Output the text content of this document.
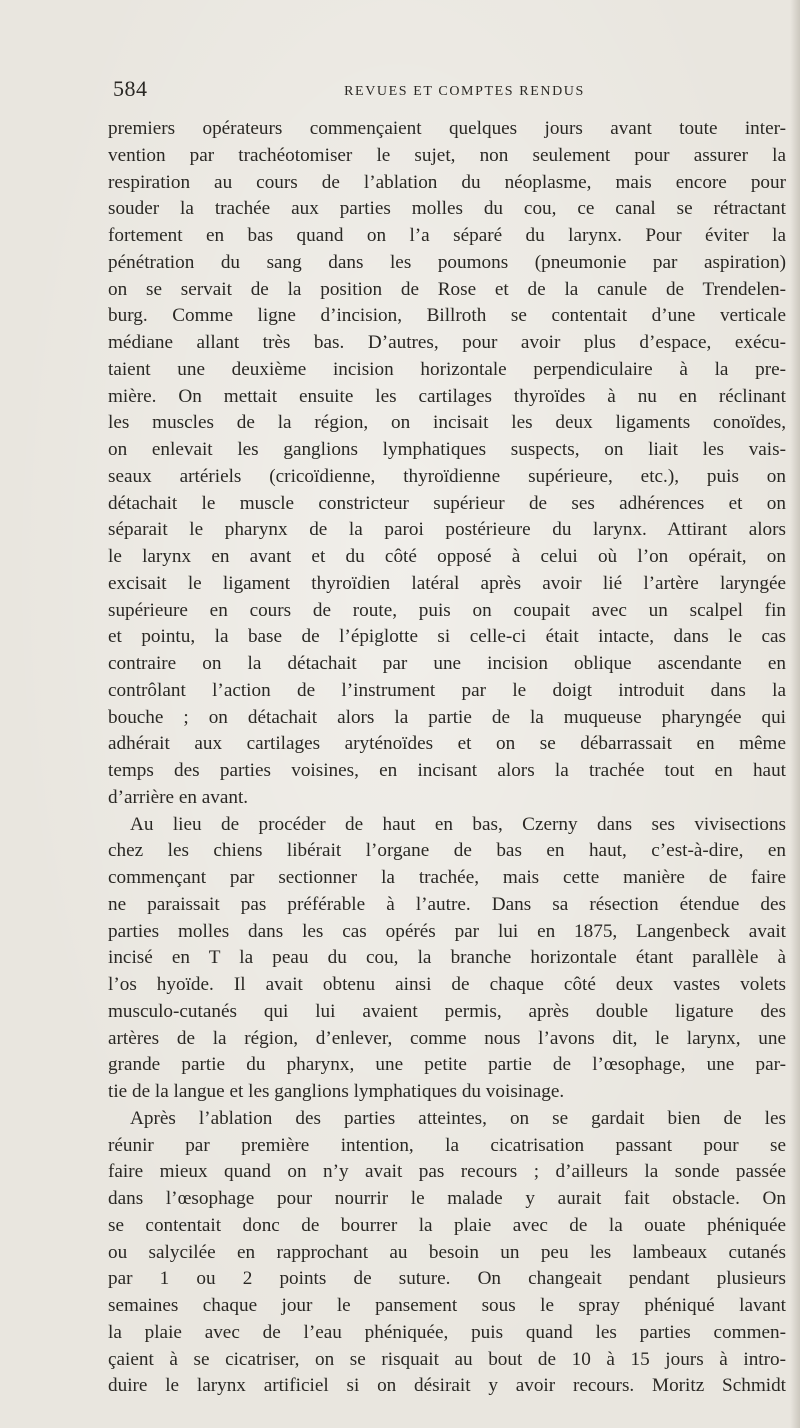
584	REVUES ET COMPTES RENDUS
premiers opérateurs commençaient quelques jours avant toute inter-
vention par trachéotomiser le sujet, non seulement pour assurer la
respiration au cours de l’ablation du néoplasme, mais encore pour
souder la trachée aux parties molles du cou, ce canal se rétractant
fortement en bas quand on l’a séparé du larynx. Pour éviter la
pénétration du sang dans les poumons (pneumonie par aspiration)
on se servait de la position de Rose et de la canule de Trendelen-
burg. Comme ligne d’incision, Billroth se contentait d’une verticale
médiane allant très bas. D’autres, pour avoir plus d’espace, exécu-
taient une deuxième incision horizontale perpendiculaire à la pre-
mière. On mettait ensuite les cartilages thyroïdes à nu en réclinant
les muscles de la région, on incisait les deux ligaments conoïdes,
on enlevait les ganglions lymphatiques suspects, on liait les vais-
seaux artériels (cricoïdienne, thyroïdienne supérieure, etc.), puis on
détachait le muscle constricteur supérieur de ses adhérences et on
séparait le pharynx de la paroi postérieure du larynx. Attirant alors
le larynx en avant et du côté opposé à celui où l’on opérait, on
excisait le ligament thyroïdien latéral après avoir lié l’artère laryngée
supérieure en cours de route, puis on coupait avec un scalpel fin
et pointu, la base de l’épiglotte si celle-ci était intacte, dans le cas
contraire on la détachait par une incision oblique ascendante en
contrôlant l’action de l’instrument par le doigt introduit dans la
bouche ; on détachait alors la partie de la muqueuse pharyngée qui
adhérait aux cartilages aryténoïdes et on se débarrassait en même
temps des parties voisines, en incisant alors la trachée tout en haut
d’arrière en avant.
Au lieu de procéder de haut en bas, Czerny dans ses vivisections
chez les chiens libérait l’organe de bas en haut, c’est-à-dire, en
commençant par sectionner la trachée, mais cette manière de faire
ne paraissait pas préférable à l’autre. Dans sa résection étendue des
parties molles dans les cas opérés par lui en 1875, Langenbeck avait
incisé en T la peau du cou, la branche horizontale étant parallèle à
l’os hyoïde. Il avait obtenu ainsi de chaque côté deux vastes volets
musculo-cutanés qui lui avaient permis, après double ligature des
artères de la région, d’enlever, comme nous l’avons dit, le larynx, une
grande partie du pharynx, une petite partie de l’œsophage, une par-
tie de la langue et les ganglions lymphatiques du voisinage.
Après l’ablation des parties atteintes, on se gardait bien de les
réunir par première intention, la cicatrisation passant pour se
faire mieux quand on n’y avait pas recours ; d’ailleurs la sonde passée
dans l’œsophage pour nourrir le malade y aurait fait obstacle. On
se contentait donc de bourrer la plaie avec de la ouate phéniquée
ou salycilée en rapprochant au besoin un peu les lambeaux cutanés
par 1 ou 2 points de suture. On changeait pendant plusieurs
semaines chaque jour le pansement sous le spray phéniqué lavant
la plaie avec de l’eau phéniquée, puis quand les parties commen-
çaient à se cicatriser, on se risquait au bout de 10 à 15 jours à intro-
duire le larynx artificiel si on désirait y avoir recours. Moritz Schmidt
